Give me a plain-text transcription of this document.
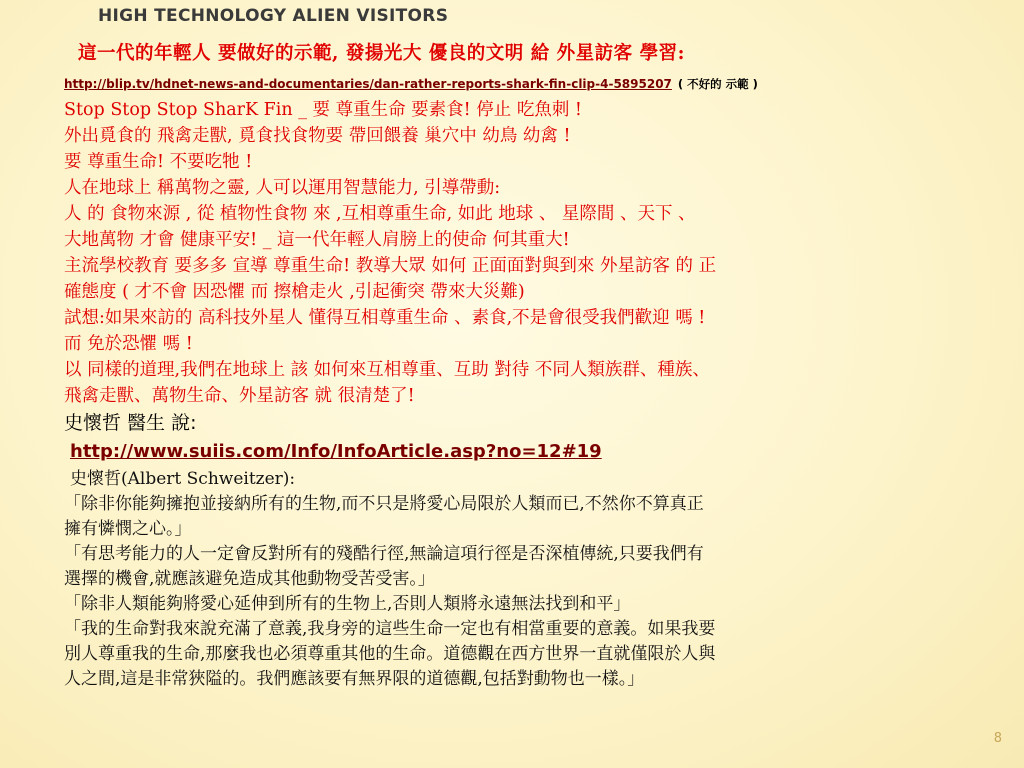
HIGH TECHNOLOGY ALIEN VISITORS

這一代的年輕人 要做好的示範, 發揚光大 優良的文明 給 外星訪客 學習:

http://blip.tv/hdnet-news-and-documentaries/dan-rather-reports-shark-fin-clip-4-5895207 ( 不好的 示範 )

Stop Stop Stop SharK Fin _ 要 尊重生命 要素食! 停止 吃魚刺 !

外出覓食的 飛禽走獸, 覓食找食物要 帶回餵養 巢穴中 幼鳥 幼禽 !

要 尊重生命! 不要吃牠 !

人在地球上 稱萬物之靈, 人可以運用智慧能力, 引導帶動:

人 的 食物來源 , 從 植物性食物 來 ,互相尊重生命, 如此 地球 、 星際間 、天下 、

大地萬物 才會 健康平安! _ 這一代年輕人肩膀上的使命 何其重大!

主流學校教育 要多多 宣導 尊重生命! 教導大眾 如何 正面面對與到來 外星訪客 的 正

確態度 ( 才不會 因恐懼 而 擦槍走火 ,引起衝突 帶來大災難)

試想:如果來訪的 高科技外星人 懂得互相尊重生命 、素食,不是會很受我們歡迎 嗎 !

而 免於恐懼 嗎 !

以 同樣的道理,我們在地球上 該 如何來互相尊重、互助 對待 不同人類族群、種族、

飛禽走獸、萬物生命、外星訪客 就 很清楚了!

史懷哲 醫生 說:

http://www.suiis.com/Info/InfoArticle.asp?no=12#19

史懷哲(Albert Schweitzer):

「除非你能夠擁抱並接納所有的生物,而不只是將愛心局限於人類而已,不然你不算真正

擁有憐憫之心。」

「有思考能力的人一定會反對所有的殘酷行徑,無論這項行徑是否深植傳統,只要我們有

選擇的機會,就應該避免造成其他動物受苦受害。」

「除非人類能夠將愛心延伸到所有的生物上,否則人類將永遠無法找到和平」

「我的生命對我來說充滿了意義,我身旁的這些生命一定也有相當重要的意義。如果我要

別人尊重我的生命,那麼我也必須尊重其他的生命。道德觀在西方世界一直就僅限於人與

人之間,這是非常狹隘的。我們應該要有無界限的道德觀,包括對動物也一樣。」

8
